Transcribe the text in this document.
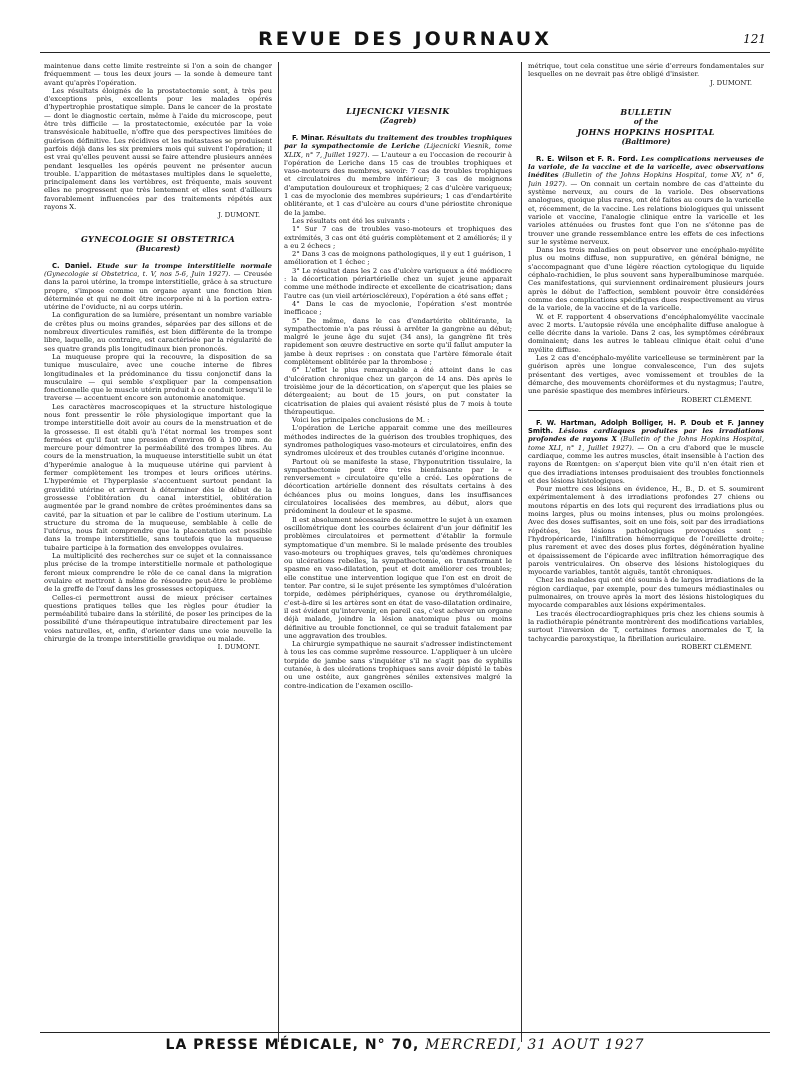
REVUE DES JOURNAUX	121

maintenue dans cette limite restreinte si l'on a soin de changer fréquemment — tous les deux jours — la sonde à demeure tant avant qu'après l'opération.

Les résultats éloignés de la prostatectomie sont, à très peu d'exceptions près, excellents pour les malades opérés d'hypertrophie prostatique simple. Dans le cancer de la prostate — dont le diagnostic certain, même à l'aide du microscope, peut être très difficile — la prostatectomie, exécutée par la voie transvésicale habituelle, n'offre que des perspectives limitées de guérison définitive. Les récidives et les métastases se produisent parfois déjà dans les six premiers mois qui suivent l'opération; il est vrai qu'elles peuvent aussi se faire attendre plusieurs années pendant lesquelles les opérés peuvent ne présenter aucun trouble. L'apparition de métastases multiples dans le squelette, principalement dans les vertèbres, est fréquente, mais souvent elles ne progressent que très lentement et elles sont d'ailleurs favorablement influencées par des traitements répétés aux rayons X.

J. DUMONT.
GYNECOLOGIE SI OBSTETRICA
(Bucarest)

C. Daniel. Etude sur la trompe interstitielle normale (Gynecologie si Obstetrica, t. V, nos 5-6, Juin 1927). — Creusée dans la paroi utérine, la trompe interstitielle, grâce à sa structure propre, s'impose comme un organe ayant une fonction bien déterminée et qui ne doit être incorporée ni à la portion extra-utérine de l'oviducte, ni au corps utérin.

La configuration de sa lumière, présentant un nombre variable de crêtes plus ou moins grandes, séparées par des sillons et de nombreux diverticules ramifiés, est bien différente de la trompe libre, laquelle, au contraire, est caractérisée par la régularité de ses quatre grands plis longitudinaux bien prononcés.

La muqueuse propre qui la recouvre, la disposition de sa tunique musculaire, avec une couche interne de fibres longitudinales et la prédominance du tissu conjonctif dans la musculaire — qui semble s'expliquer par la compensation fonctionnelle que le muscle utérin produit à ce conduit lorsqu'il le traverse — accentuent encore son autonomie anatomique.

Les caractères macroscopiques et la structure histologique nous font pressentir le rôle physiologique important que la trompe interstitielle doit avoir au cours de la menstruation et de la grossesse. Il est établi qu'à l'état normal les trompes sont fermées et qu'il faut une pression d'environ 60 à 100 mm. de mercure pour démontrer la perméabilité des trompes libres. Au cours de la menstruation, la muqueuse interstitielle subit un état d'hyperémie analogue à la muqueuse utérine qui parvient à fermer complètement les trompes et leurs orifices utérins. L'hyperémie et l'hyperplasie s'accentuent surtout pendant la gravidité utérine et arrivent à déterminer dès le début de la grossesse l'oblitération du canal interstitiel, oblitération augmentée par le grand nombre de crêtes proéminentes dans sa cavité, par la situation et par le calibre de l'ostium uterinum. La structure du stroma de la muqueuse, semblable à celle de l'utérus, nous fait comprendre que la placentation est possible dans la trompe interstitielle, sans toutefois que la muqueuse tubaire participe à la formation des enveloppes ovulaires.

La multiplicité des recherches sur ce sujet et la connaissance plus précise de la trompe interstitielle normale et pathologique feront mieux comprendre le rôle de ce canal dans la migration ovulaire et mettront à même de résoudre peut-être le problème de la greffe de l'œuf dans les grossesses ectopiques.

Celles-ci permettront aussi de mieux préciser certaines questions pratiques telles que les règles pour étudier la perméabilité tubaire dans la stérilité, de poser les principes de la possibilité d'une thérapeutique intratubaire directement par les voies naturelles, et, enfin, d'orienter dans une voie nouvelle la chirurgie de la trompe interstitielle gravidique ou malade.

I. DUMONT.
LIJECNICKI VIESNIK
(Zagreb)

F. Minar. Résultats du traitement des troubles trophiques par la sympathectomie de Leriche (Lijecnicki Viesnik, tome XLIX, n° 7, Juillet 1927). — L'auteur a eu l'occasion de recourir à l'opération de Leriche dans 15 cas de troubles trophiques et vaso-moteurs des membres, savoir: 7 cas de troubles trophiques et circulatoires du membre inférieur; 3 cas de moignons d'amputation douloureux et trophiques; 2 cas d'ulcère variqueux; 1 cas de myoclonie des membres supérieurs; 1 cas d'endartérite oblitérante, et 1 cas d'ulcère au cours d'une périostite chronique de la jambe.

Les résultats ont été les suivants :

1° Sur 7 cas de troubles vaso-moteurs et trophiques des extrémités, 3 cas ont été guéris complètement et 2 améliorés; il y a eu 2 échecs ;

2° Dans 3 cas de moignons pathologiques, il y eut 1 guérison, 1 amélioration et 1 échec ;

3° Le résultat dans les 2 cas d'ulcère variqueux a été médiocre : la décortication périartérielle chez un sujet jeune apparait comme une méthode indirecte et excellente de cicatrisation; dans l'autre cas (un vieil artérioscléreux), l'opération a été sans effet ;

4° Dans le cas de myoclonie, l'opération s'est montrée inefficace ;

5° De même, dans le cas d'endartérite oblitérante, la sympathectomie n'a pas réussi à arrêter la gangrène au début; malgré le jeune âge du sujet (34 ans), la gangrène fit très rapidement son œuvre destructive en sorte qu'il fallut amputer la jambe à deux reprises : on constata que l'artère fémorale était complètement oblitérée par la thrombose ;

6° L'effet le plus remarquable a été atteint dans le cas d'ulcération chronique chez un garçon de 14 ans. Dès après le troisième jour de la décortication, on s'aperçut que les plaies se détergeaient; au bout de 15 jours, on put constater la cicatrisation de plaies qui avaient résisté plus de 7 mois à toute thérapeutique.

Voici les principales conclusions de M. :

L'opération de Leriche apparait comme une des meilleures méthodes indirectes de la guérison des troubles trophiques, des syndromes pathologiques vaso-moteurs et circulatoires, enfin des syndromes ulcéreux et des troubles cutanés d'origine inconnue.

Partout où se manifeste la stase, l'hyponutrition tissulaire, la sympathectomie peut être très bienfaisante par le « renversement » circulatoire qu'elle a créé. Les opérations de décortication artérielle donnent des résultats certains à des échéances plus ou moins longues, dans les insuffisances circulatoires localisées des membres, au début, alors que prédominent la douleur et le spasme.

Il est absolument nécessaire de soumettre le sujet à un examen oscillométrique dont les courbes éclairent d'un jour définitif les problèmes circulatoires et permettent d'établir la formule symptomatique d'un membre. Si le malade présente des troubles vaso-moteurs ou trophiques graves, tels qu'œdèmes chroniques ou ulcérations rebelles, la sympathectomie, en transformant le spasme en vaso-dilatation, peut et doit améliorer ces troubles; elle constitue une intervention logique que l'on est en droit de tenter. Par contre, si le sujet présente les symptômes d'ulcération torpide, œdèmes périphériques, cyanose ou érythromélalgie, c'est-à-dire si les artères sont en état de vaso-dilatation ordinaire, il est évident qu'intervenir, en pareil cas, c'est achever un organe déjà malade, joindre la lésion anatomique plus ou moins définitive au trouble fonctionnel, ce qui se traduit fatalement par une aggravation des troubles.

La chirurgie sympathique ne saurait s'adresser indistinctement à tous les cas comme suprême ressource. L'appliquer à un ulcère torpide de jambe sans s'inquiéter s'il ne s'agit pas de syphilis cutanée, à des ulcérations trophiques sans avoir dépisté le tabès ou une ostéite, aux gangrènes séniles extensives malgré la contre-indication de l'examen oscillo-

métrique, tout cela constitue une série d'erreurs fondamentales sur lesquelles on ne devrait pas être obligé d'insister.

J. DUMONT.
BULLETIN
of the
JOHNS HOPKINS HOSPITAL
(Baltimore)

R. E. Wilson et F. R. Ford. Les complications nerveuses de la variole, de la vaccine et de la varicelle, avec observations inédites (Bulletin of the Johns Hopkins Hospital, tome XV, n° 6, Juin 1927). — On connait un certain nombre de cas d'atteinte du système nerveux, au cours de la variole. Des observations analogues, quoique plus rares, ont été faites au cours de la varicelle et, récemment, de la vaccine. Les relations biologiques qui unissent variole et vaccine, l'analogie clinique entre la varicelle et les varioles atténuées ou frustes font que l'on ne s'étonne pas de trouver une grande ressemblance entre les effets de ces infections sur le système nerveux.

Dans les trois maladies on peut observer une encéphalo-myélite plus ou moins diffuse, non suppurative, en général bénigne, ne s'accompagnant que d'une légère réaction cytologique du liquide céphalo-rachidien, le plus souvent sans hyperalbuminose marquée. Ces manifestations, qui surviennent ordinairement plusieurs jours après le début de l'affection, semblent pouvoir être considérées comme des complications spécifiques dues respectivement au virus de la variole, de la vaccine et de la varicelle.

W. et F. rapportent 4 observations d'encéphalomyélite vaccinale avec 2 morts. L'autopsie révéla une encéphalite diffuse analogue à celle décrite dans la variole. Dans 2 cas, les symptômes cérébraux dominaient; dans les autres le tableau clinique était celui d'une myélite diffuse.

Les 2 cas d'encéphalo-myélite varicelleuse se terminèrent par la guérison après une longue convalescence, l'un des sujets présentant des vertiges, avec vomissement et troubles de la démarche, des mouvements choréiformes et du nystagmus; l'autre, une parésie spastique des membres inférieurs.

ROBERT CLÉMENT.

F. W. Hartman, Adolph Bolliger, H. P. Doub et F. Janney Smith. Lésions cardiaques produites par les irradiations profondes de rayons X (Bulletin of the Johns Hopkins Hospital, tome XLI, n° 1, Juillet 1927). — On a cru d'abord que le muscle cardiaque, comme les autres muscles, était insensible à l'action des rayons de Rœntgen: on s'aperçut bien vite qu'il n'en était rien et que des irradiations intenses produisaient des troubles fonctionnels et des lésions histologiques.

Pour mettre ces lésions en évidence, H., B., D. et S. soumirent expérimentalement à des irradiations profondes 27 chiens ou moutons répartis en des lots qui reçurent des irradiations plus ou moins larges, plus ou moins intenses, plus ou moins prolongées. Avec des doses suffisantes, soit en une fois, soit par des irradiations répétées, les lésions pathologiques provoquées sont : l'hydropéricarde, l'infiltration hémorragique de l'oreillette droite; plus rarement et avec des doses plus fortes, dégénération hyaline et épaississement de l'épicarde avec infiltration hémorragique des parois ventriculaires. On observe des lésions histologiques du myocarde variables, tantôt aiguës, tantôt chroniques.

Chez les malades qui ont été soumis à de larges irradiations de la région cardiaque, par exemple, pour des tumeurs médiastinales ou pulmonaires, on trouve après la mort des lésions histologiques du myocarde comparables aux lésions expérimentales.

Les tracés électrocardiographiques pris chez les chiens soumis à la radiothérapie pénétrante montrèrent des modifications variables, surtout l'inversion de T, certaines formes anormales de T, la tachycardie paroxystique, la fibrillation auriculaire.

ROBERT CLÉMENT.
LA PRESSE MÉDICALE, N° 70, MERCREDI, 31 AOUT 1927
